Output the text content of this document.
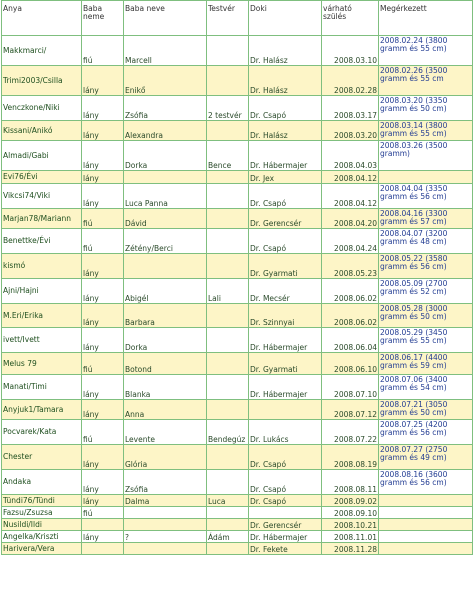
Anya	Baba neme	Baba neve	Testvér	Doki	várható szülés	Megérkezett
Makkmarci/	fiú	Marcell		Dr. Halász	2008.03.10	2008.02.24 (3800 gramm és 55 cm)
Trimi2003/Csilla	lány	Enikő		Dr. Halász	2008.02.28	2008.02.26 (3500 gramm és 55 cm
Venczkone/Niki	lány	Zsófia	2 testvér	Dr. Csapó	2008.03.17	2008.03.20 (3350 gramm és 50 cm)
Kissani/Anikó	lány	Alexandra		Dr. Halász	2008.03.20	2008.03.14 (3800 gramm és 55 cm)
Almadi/Gabi	lány	Dorka	Bence	Dr. Hábermajer	2008.04.03	2008.03.26 (3500 gramm)
Evi76/Évi	lány			Dr. Jex	2008.04.12	
Vikcsi74/Viki	lány	Luca Panna		Dr. Csapó	2008.04.12	2008.04.04 (3350 gramm és 56 cm)
Marjan78/Mariann	fiú	Dávid		Dr. Gerencsér	2008.04.20	2008.04.16 (3300 gramm és 57 cm)
Benettke/Évi	fiú	Zétény/Berci		Dr. Csapó	2008.04.24	2008.04.07 (3200 gramm és 48 cm)
kismó	lány			Dr. Gyarmati	2008.05.23	2008.05.22 (3580 gramm és 56 cm)
Ajni/Hajni	lány	Abigél	Lali	Dr. Mecsér	2008.06.02	2008.05.09 (2700 gramm és 52 cm)
M.Eri/Erika	lány	Barbara		Dr. Szinnyai	2008.06.02	2008.05.28 (3000 gramm és 50 cm)
ivett/Ivett	lány	Dorka		Dr. Hábermajer	2008.06.04	2008.05.29 (3450 gramm és 55 cm)
Melus 79	fiú	Botond		Dr. Gyarmati	2008.06.10	2008.06.17 (4400 gramm és 59 cm)
Manati/Timi	lány	Blanka		Dr. Hábermajer	2008.07.10	2008.07.06 (3400 gramm és 54 cm)
Anyjuk1/Tamara	lány	Anna			2008.07.12	2008.07.21 (3050 gramm és 50 cm)
Pocvarek/Kata	fiú	Levente	Bendegúz	Dr. Lukács	2008.07.22	2008.07.25 (4200 gramm és 56 cm)
Chester	lány	Glória		Dr. Csapó	2008.08.19	2008.07.27 (2750 gramm és 49 cm)
Andaka	lány	Zsófia		Dr. Csapó	2008.08.11	2008.08.16 (3600 gramm és 56 cm)
Tündi76/Tündi	lány	Dalma	Luca	Dr. Csapó	2008.09.02	
Fazsu/Zsuzsa	fiú				2008.09.10	
Nusildi/Ildi				Dr. Gerencsér	2008.10.21	
Angelka/Kriszti	lány	?	Ádám	Dr. Hábermajer	2008.11.01	
Harivera/Vera				Dr. Fekete	2008.11.28	
